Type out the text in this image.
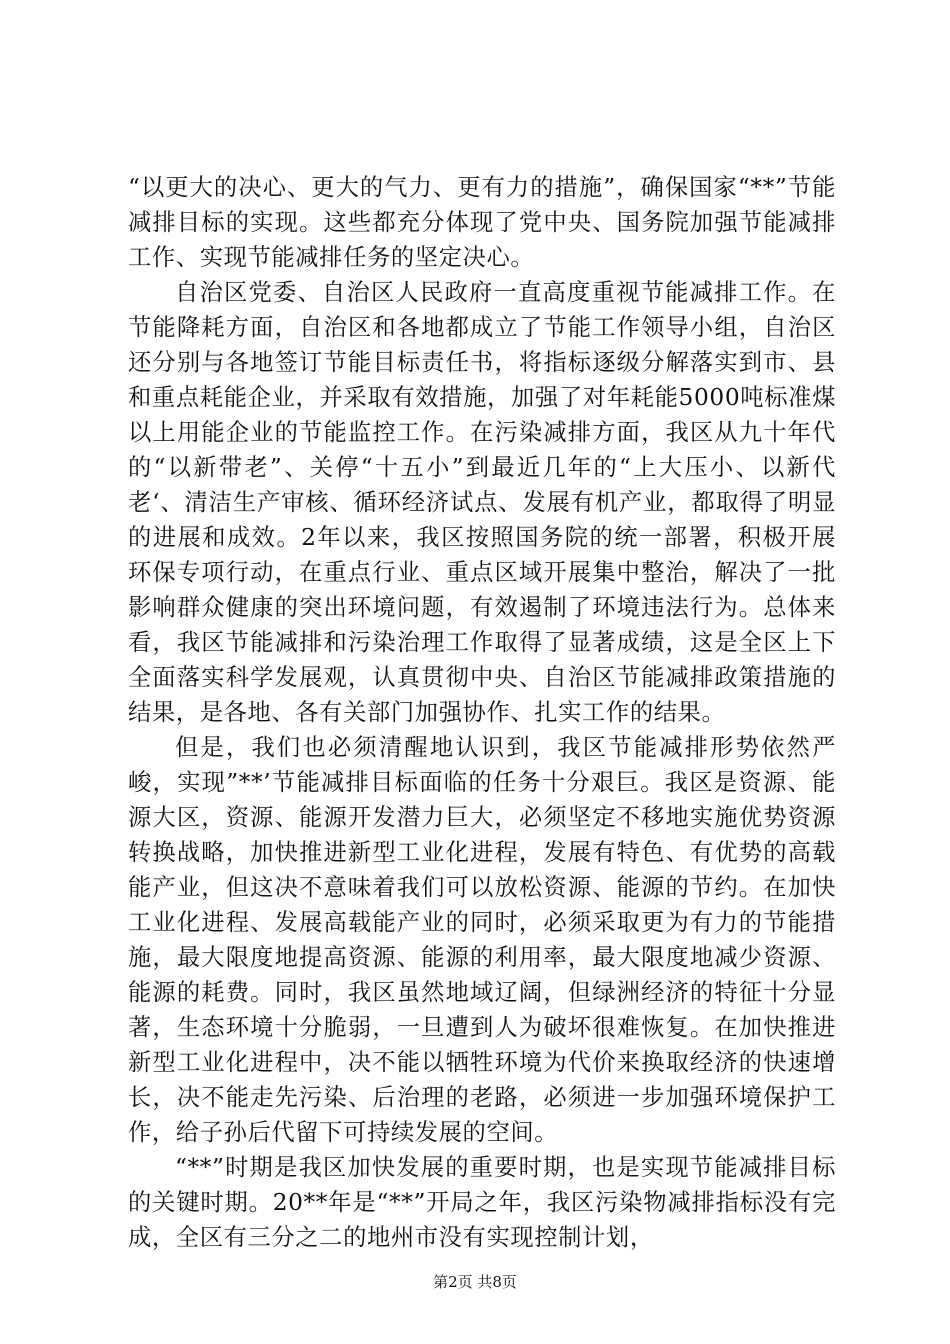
“以更大的决心、更大的气力、更有力的措施”，确保国家“**”节能减排目标的实现。这些都充分体现了党中央、国务院加强节能减排工作、实现节能减排任务的坚定决心。

自治区党委、自治区人民政府一直高度重视节能减排工作。在节能降耗方面，自治区和各地都成立了节能工作领导小组，自治区还分别与各地签订节能目标责任书，将指标逐级分解落实到市、县和重点耗能企业，并采取有效措施，加强了对年耗能5000吨标准煤以上用能企业的节能监控工作。在污染减排方面，我区从九十年代的“以新带老”、关停“十五小”到最近几年的“上大压小、以新代老‘、清洁生产审核、循环经济试点、发展有机产业，都取得了明显的进展和成效。2年以来，我区按照国务院的统一部署，积极开展环保专项行动，在重点行业、重点区域开展集中整治，解决了一批影响群众健康的突出环境问题，有效遏制了环境违法行为。总体来看，我区节能减排和污染治理工作取得了显著成绩，这是全区上下全面落实科学发展观，认真贯彻中央、自治区节能减排政策措施的结果，是各地、各有关部门加强协作、扎实工作的结果。

但是，我们也必须清醒地认识到，我区节能减排形势依然严峻，实现”**’节能减排目标面临的任务十分艰巨。我区是资源、能源大区，资源、能源开发潜力巨大，必须坚定不移地实施优势资源转换战略，加快推进新型工业化进程，发展有特色、有优势的高载能产业，但这决不意味着我们可以放松资源、能源的节约。在加快工业化进程、发展高载能产业的同时，必须采取更为有力的节能措施，最大限度地提高资源、能源的利用率，最大限度地减少资源、能源的耗费。同时，我区虽然地域辽阔，但绿洲经济的特征十分显著，生态环境十分脆弱，一旦遭到人为破坏很难恢复。在加快推进新型工业化进程中，决不能以牺牲环境为代价来换取经济的快速增长，决不能走先污染、后治理的老路，必须进一步加强环境保护工作，给子孙后代留下可持续发展的空间。

“**”时期是我区加快发展的重要时期，也是实现节能减排目标的关键时期。20**年是“**”开局之年，我区污染物减排指标没有完成，全区有三分之二的地州市没有实现控制计划，

第2页 共8页
